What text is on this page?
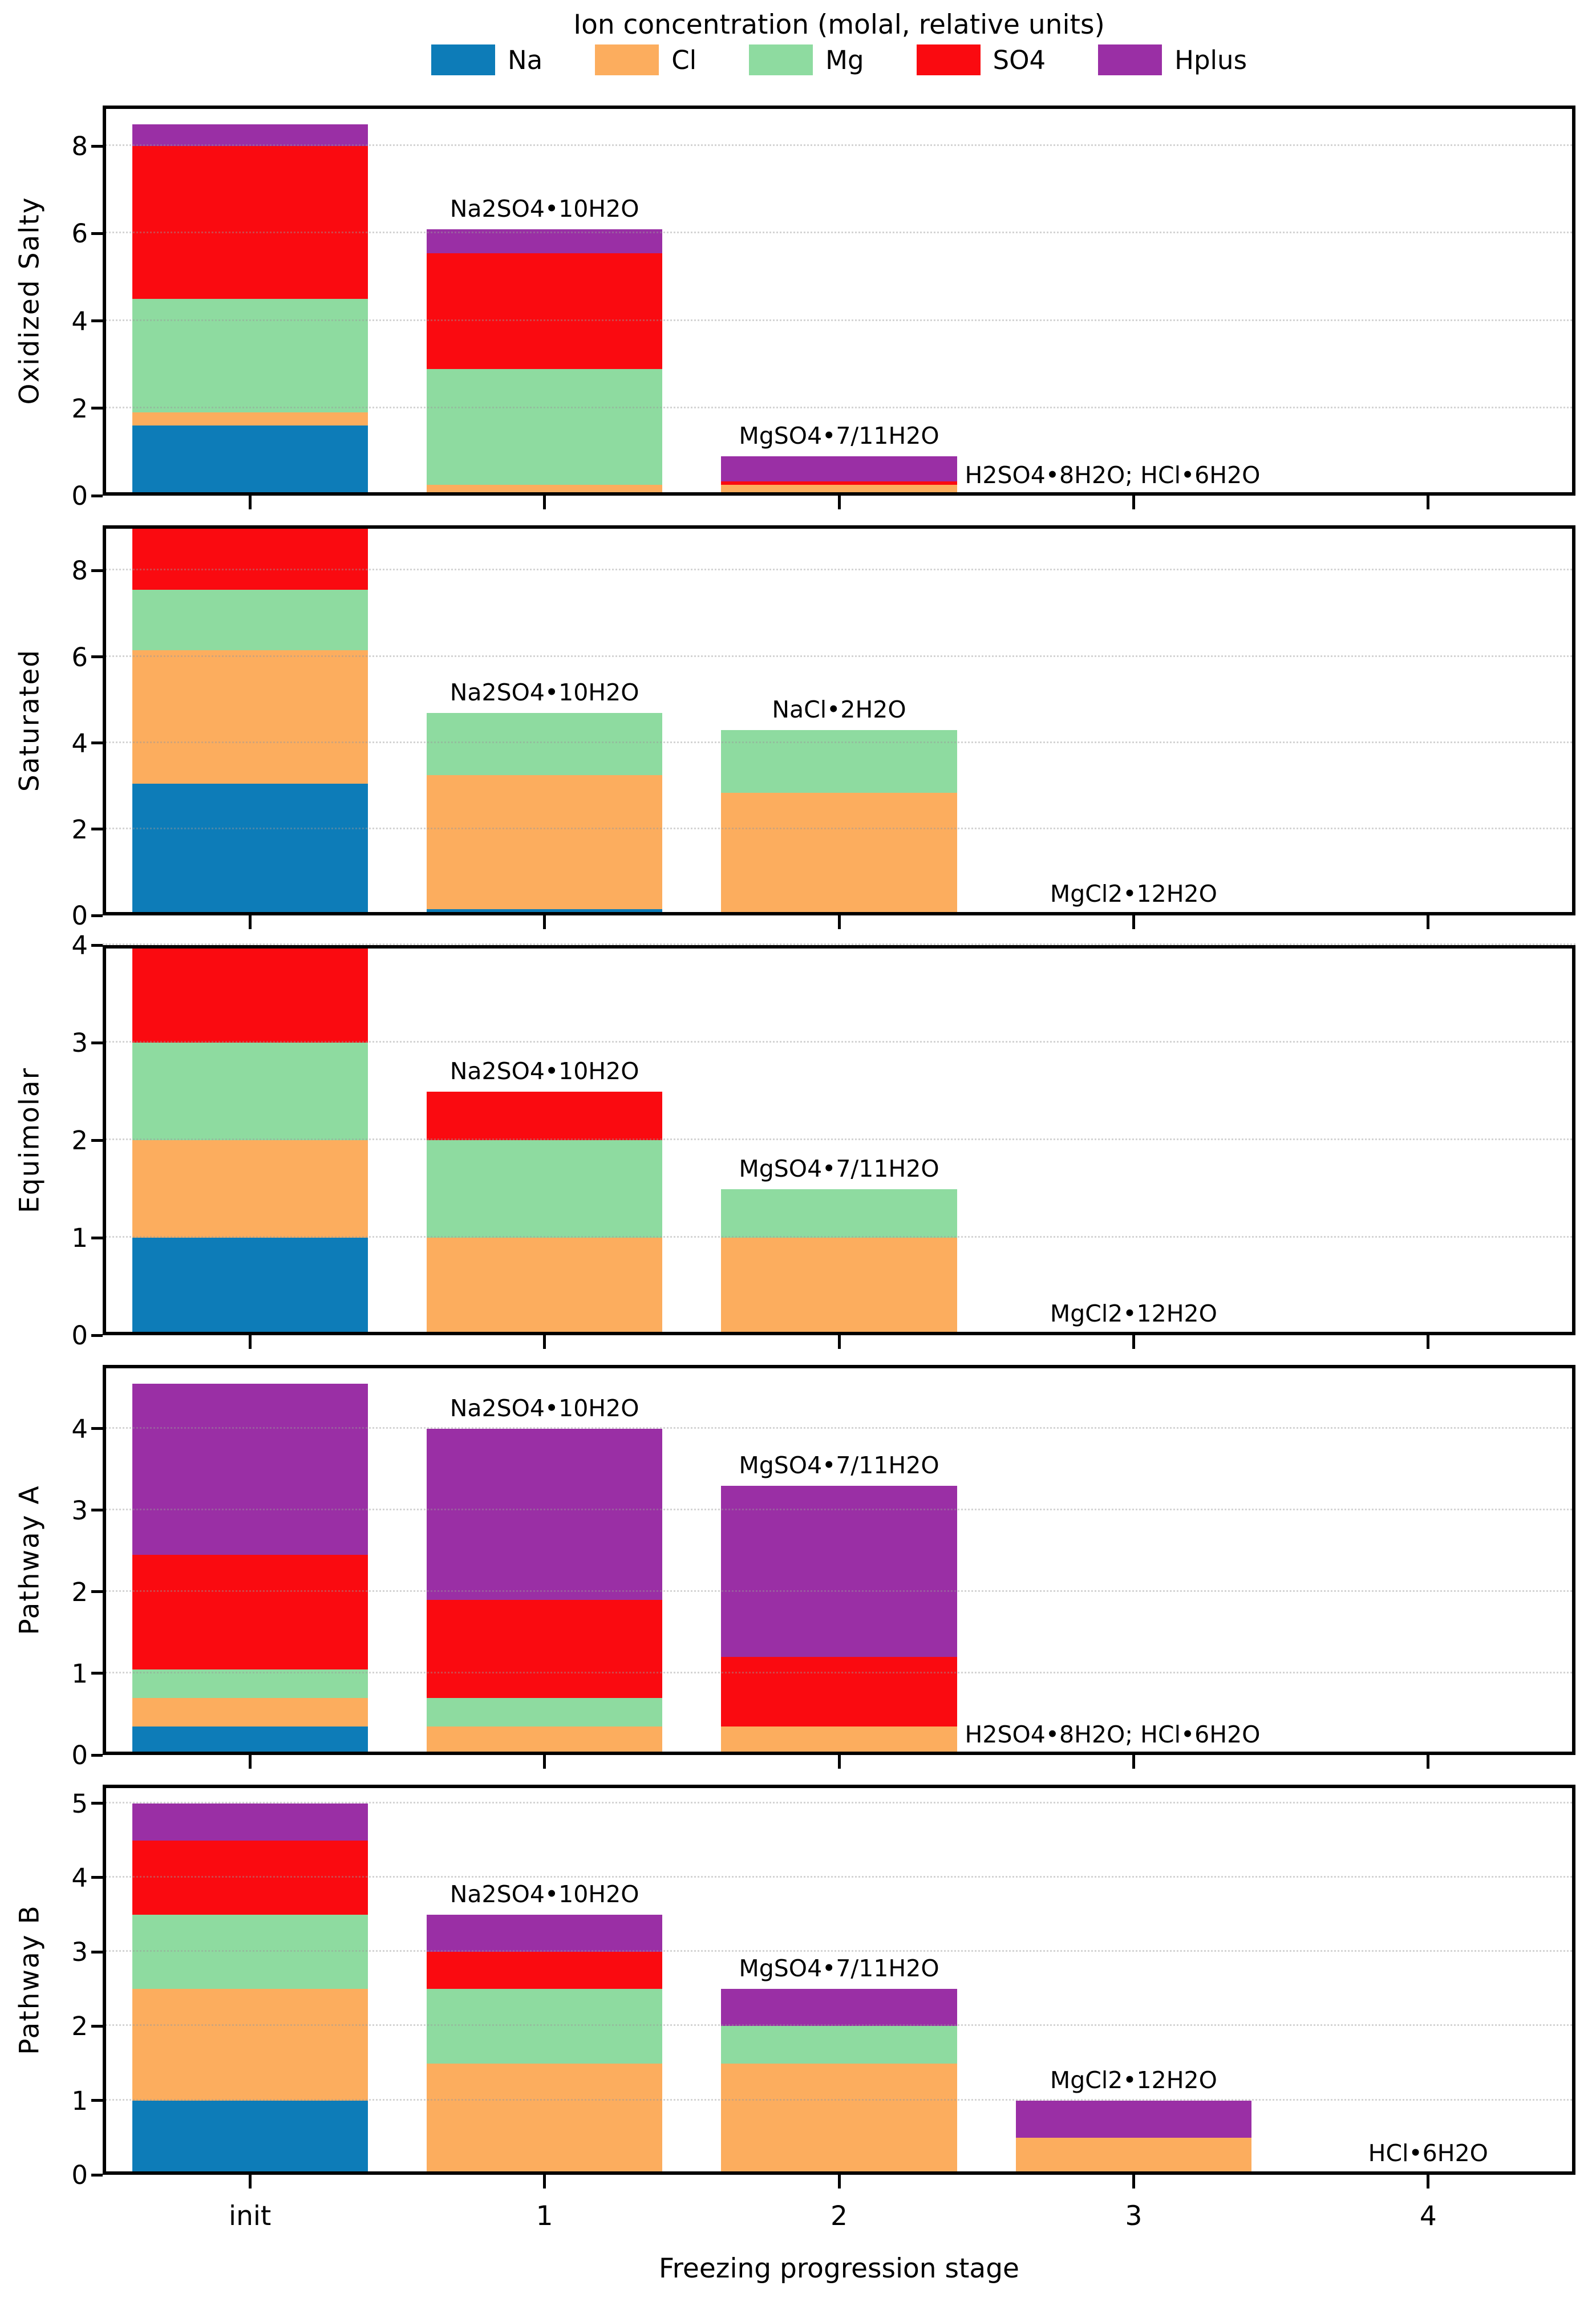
Ion concentration (molal, relative units)
Na	Cl	Mg	SO4	Hplus
Oxidized Salty
0
2
4
6
8
Na2SO4•10H2O
MgSO4•7/11H2O
H2SO4•8H2O; HCl•6H2O
Saturated
0
2
4
6
8
Na2SO4•10H2O
NaCl•2H2O
MgCl2•12H2O
Equimolar
0
1
2
3
4
Na2SO4•10H2O
MgSO4•7/11H2O
MgCl2•12H2O
Pathway A
0
1
2
3
4
Na2SO4•10H2O
MgSO4•7/11H2O
H2SO4•8H2O; HCl•6H2O
Pathway B
0
1
2
3
4
5
Na2SO4•10H2O
MgSO4•7/11H2O
MgCl2•12H2O
HCl•6H2O
init	1	2	3	4
Freezing progression stage
